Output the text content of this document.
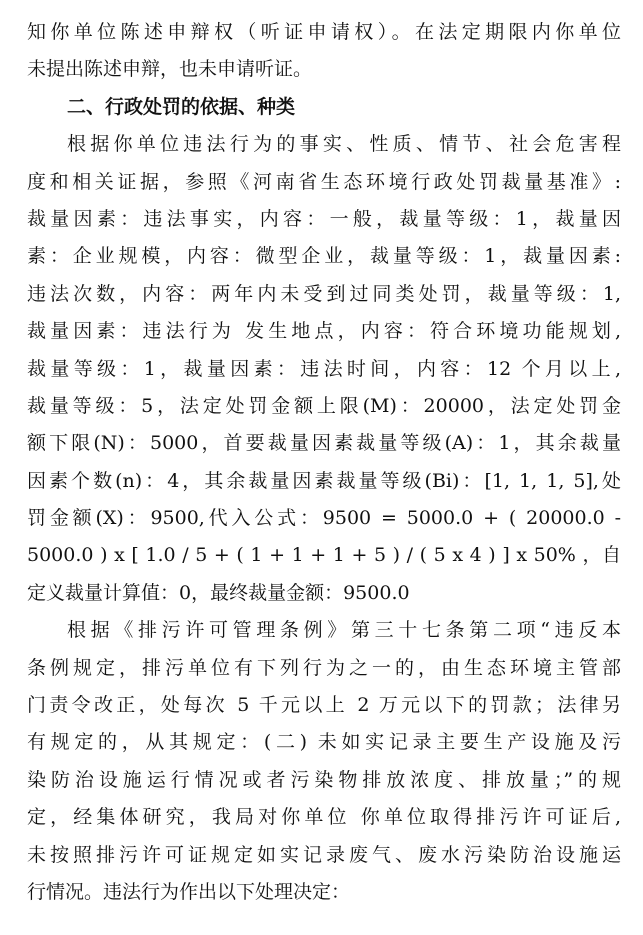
知你单位陈述申辩权（听证申请权）。在法定期限内你单位
未提出陈述申辩，也未申请听证。
二、行政处罚的依据、种类
根据你单位违法行为的事实、性质、情节、社会危害程
度和相关证据，参照《河南省生态环境行政处罚裁量基准》:
裁量因素：违法事实，内容：一般，裁量等级：1，裁量因
素：企业规模，内容：微型企业，裁量等级：1，裁量因素:
违法次数，内容：两年内未受到过同类处罚，裁量等级：1,
裁量因素：违法行为 发生地点，内容：符合环境功能规划,
裁量等级：1，裁量因素：违法时间，内容：12 个月以上,
裁量等级：5，法定处罚金额上限(M)：20000，法定处罚金
额下限(N)：5000，首要裁量因素裁量等级(A)：1，其余裁量
因素个数(n)：4，其余裁量因素裁量等级(Bi)：[1, 1, 1, 5],处
罚金额(X)：9500,代入公式：9500 = 5000.0 + ( 20000.0 -
5000.0 ) x [ 1.0 / 5 + ( 1 + 1 + 1 + 5 ) / ( 5 x 4 ) ] x 50% ，自
定义裁量计算值：0，最终裁量金额：9500.0
根据《排污许可管理条例》第三十七条第二项“违反本
条例规定，排污单位有下列行为之一的，由生态环境主管部
门责令改正，处每次 5 千元以上 2 万元以下的罚款；法律另
有规定的，从其规定：(二) 未如实记录主要生产设施及污
染防治设施运行情况或者污染物排放浓度、排放量；”的规
定，经集体研究，我局对你单位 你单位取得排污许可证后,
未按照排污许可证规定如实记录废气、废水污染防治设施运
行情况。违法行为作出以下处理决定：
